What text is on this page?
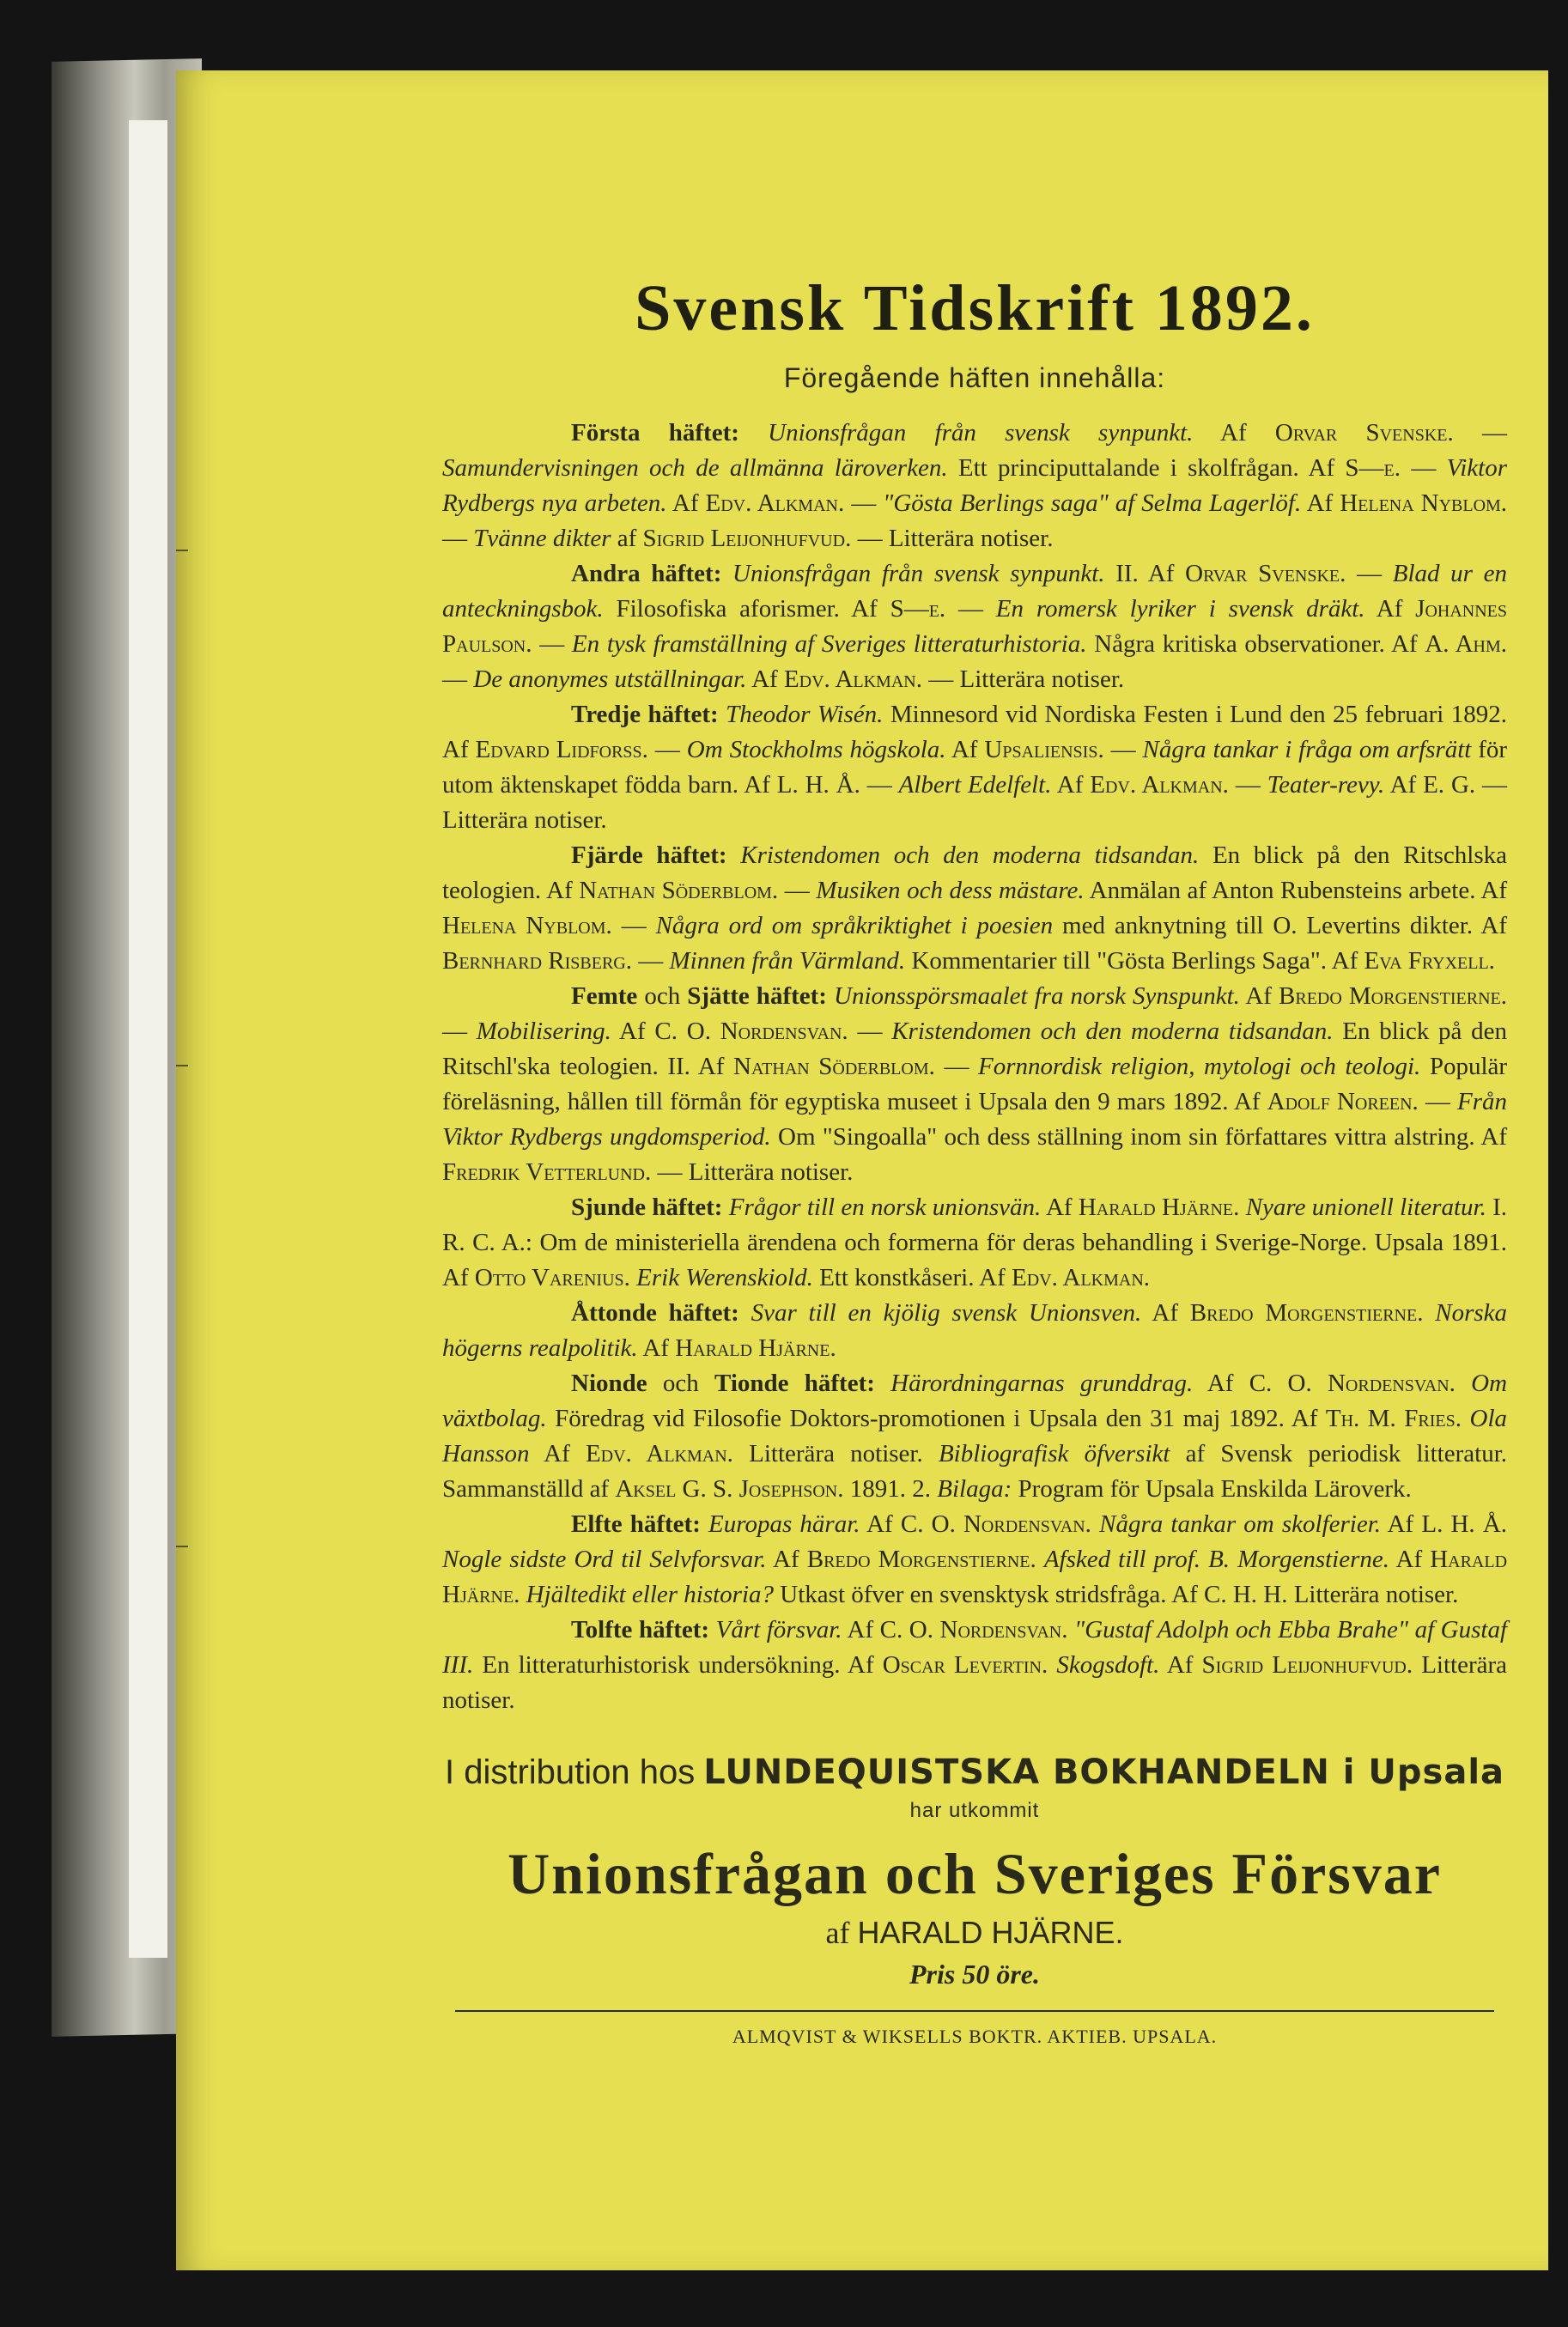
Svensk Tidskrift 1892.
Föregående häften innehålla:

Första häftet: Unionsfrågan från svensk synpunkt. Af Orvar Svenske. — Samundervisningen och de allmänna läroverken. Ett principuttalande i skolfrågan. Af S—e. — Viktor Rydbergs nya arbeten. Af Edv. Alkman. — "Gösta Berlings saga" af Selma Lagerlöf. Af Helena Nyblom. — Tvänne dikter af Sigrid Leijonhufvud. — Litterära notiser.

Andra häftet: Unionsfrågan från svensk synpunkt. II. Af Orvar Svenske. — Blad ur en anteckningsbok. Filosofiska aforismer. Af S—e. — En romersk lyriker i svensk dräkt. Af Johannes Paulson. — En tysk framställning af Sveriges litteraturhistoria. Några kritiska observationer. Af A. Ahm. — De anonymes utställningar. Af Edv. Alkman. — Litterära notiser.

Tredje häftet: Theodor Wisén. Minnesord vid Nordiska Festen i Lund den 25 februari 1892. Af Edvard Lidforss. — Om Stockholms högskola. Af Upsaliensis. — Några tankar i fråga om arfsrätt för utom äktenskapet födda barn. Af L. H. Å. — Albert Edelfelt. Af Edv. Alkman. — Teater-revy. Af E. G. — Litterära notiser.

Fjärde häftet: Kristendomen och den moderna tidsandan. En blick på den Ritschlska teologien. Af Nathan Söderblom. — Musiken och dess mästare. Anmälan af Anton Rubensteins arbete. Af Helena Nyblom. — Några ord om språkriktighet i poesien med anknytning till O. Levertins dikter. Af Bernhard Risberg. — Minnen från Värmland. Kommentarier till "Gösta Berlings Saga". Af Eva Fryxell.

Femte och Sjätte häftet: Unionsspörsmaalet fra norsk Synspunkt. Af Bredo Morgenstierne. — Mobilisering. Af C. O. Nordensvan. — Kristendomen och den moderna tidsandan. En blick på den Ritschl'ska teologien. II. Af Nathan Söderblom. — Fornnordisk religion, mytologi och teologi. Populär föreläsning, hållen till förmån för egyptiska museet i Upsala den 9 mars 1892. Af Adolf Noreen. — Från Viktor Rydbergs ungdomsperiod. Om "Singoalla" och dess ställning inom sin författares vittra alstring. Af Fredrik Vetterlund. — Litterära notiser.

Sjunde häftet: Frågor till en norsk unionsvän. Af Harald Hjärne. Nyare unionell literatur. I. R. C. A.: Om de ministeriella ärendena och formerna för deras behandling i Sverige-Norge. Upsala 1891. Af Otto Varenius. Erik Werenskiold. Ett konstkåseri. Af Edv. Alkman.

Åttonde häftet: Svar till en kjölig svensk Unionsven. Af Bredo Morgenstierne. Norska högerns realpolitik. Af Harald Hjärne.

Nionde och Tionde häftet: Härordningarnas grunddrag. Af C. O. Nordensvan. Om växtbolag. Föredrag vid Filosofie Doktors-promotionen i Upsala den 31 maj 1892. Af Th. M. Fries. Ola Hansson Af Edv. Alkman. Litterära notiser. Bibliografisk öfversikt af Svensk periodisk litteratur. Sammanställd af Aksel G. S. Josephson. 1891. 2. Bilaga: Program för Upsala Enskilda Läroverk.

Elfte häftet: Europas härar. Af C. O. Nordensvan. Några tankar om skolferier. Af L. H. Å. Nogle sidste Ord til Selvforsvar. Af Bredo Morgenstierne. Afsked till prof. B. Morgenstierne. Af Harald Hjärne. Hjältedikt eller historia? Utkast öfver en svensktysk stridsfråga. Af C. H. H. Litterära notiser.

Tolfte häftet: Vårt försvar. Af C. O. Nordensvan. "Gustaf Adolph och Ebba Brahe" af Gustaf III. En litteraturhistorisk undersökning. Af Oscar Levertin. Skogsdoft. Af Sigrid Leijonhufvud. Litterära notiser.

I distribution hos LUNDEQUISTSKA BOKHANDELN i Upsala
har utkommit
Unionsfrågan och Sveriges Försvar
af HARALD HJÄRNE.
Pris 50 öre.
ALMQVIST & WIKSELLS BOKTR. AKTIEB. UPSALA.
